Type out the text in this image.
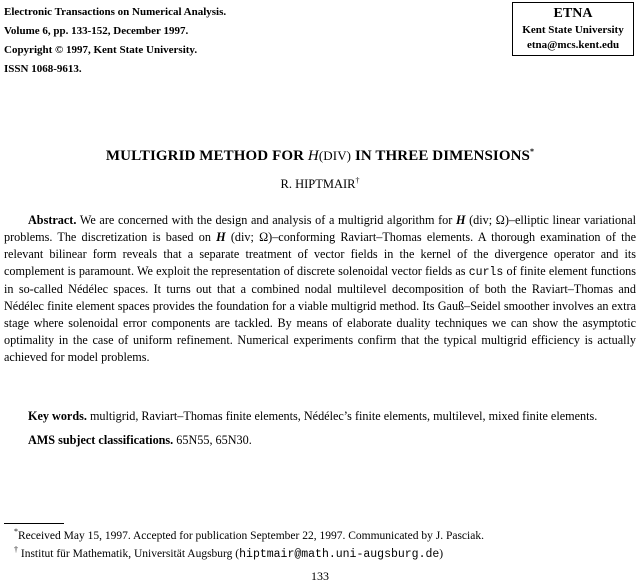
Electronic Transactions on Numerical Analysis.
Volume 6, pp. 133-152, December 1997.
Copyright © 1997, Kent State University.
ISSN 1068-9613.
ETNA
Kent State University
etna@mcs.kent.edu
MULTIGRID METHOD FOR H(DIV) IN THREE DIMENSIONS*
R. HIPTMAIR†
Abstract. We are concerned with the design and analysis of a multigrid algorithm for H (div; Ω)–elliptic linear variational problems. The discretization is based on H (div; Ω)–conforming Raviart–Thomas elements. A thorough examination of the relevant bilinear form reveals that a separate treatment of vector fields in the kernel of the divergence operator and its complement is paramount. We exploit the representation of discrete solenoidal vector fields as curls of finite element functions in so-called Nédélec spaces. It turns out that a combined nodal multilevel decomposition of both the Raviart–Thomas and Nédélec finite element spaces provides the foundation for a viable multigrid method. Its Gauß–Seidel smoother involves an extra stage where solenoidal error components are tackled. By means of elaborate duality techniques we can show the asymptotic optimality in the case of uniform refinement. Numerical experiments confirm that the typical multigrid efficiency is actually achieved for model problems.
Key words. multigrid, Raviart–Thomas finite elements, Nédélec’s finite elements, multilevel, mixed finite elements.
AMS subject classifications. 65N55, 65N30.
*Received May 15, 1997. Accepted for publication September 22, 1997. Communicated by J. Pasciak.
† Institut für Mathematik, Universität Augsburg (hiptmair@math.uni-augsburg.de)
133
